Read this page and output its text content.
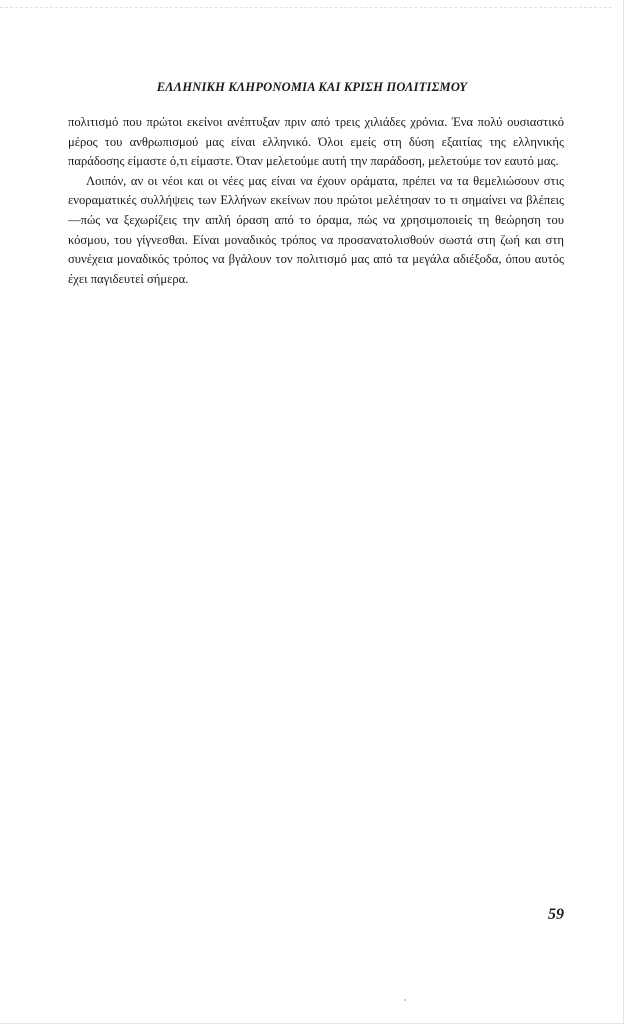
ΕΛΛΗΝΙΚΗ ΚΛΗΡΟΝΟΜΙΑ ΚΑΙ ΚΡΙΣΗ ΠΟΛΙΤΙΣΜΟΥ

πολιτισμό που πρώτοι εκείνοι ανέπτυξαν πριν από τρεις χιλιάδες χρόνια. Ένα πολύ ουσιαστικό μέρος του ανθρωπισμού μας είναι ελληνικό. Όλοι εμείς στη δύση εξαιτίας της ελληνικής παράδοσης είμαστε ό,τι είμαστε. Όταν μελετούμε αυτή την παράδοση, μελετούμε τον εαυτό μας.

Λοιπόν, αν οι νέοι και οι νέες μας είναι να έχουν οράματα, πρέπει να τα θεμελιώσουν στις ενοραματικές συλλήψεις των Ελλήνων εκείνων που πρώτοι μελέτησαν το τι σημαίνει να βλέπεις —πώς να ξεχωρίζεις την απλή όραση από το όραμα, πώς να χρησιμοποιείς τη θεώρηση του κόσμου, του γίγνεσθαι. Είναι μοναδικός τρόπος να προσανατολισθούν σωστά στη ζωή και στη συνέχεια μοναδικός τρόπος να βγάλουν τον πολιτισμό μας από τα μεγάλα αδιέξοδα, όπου αυτός έχει παγιδευτεί σήμερα.

59
